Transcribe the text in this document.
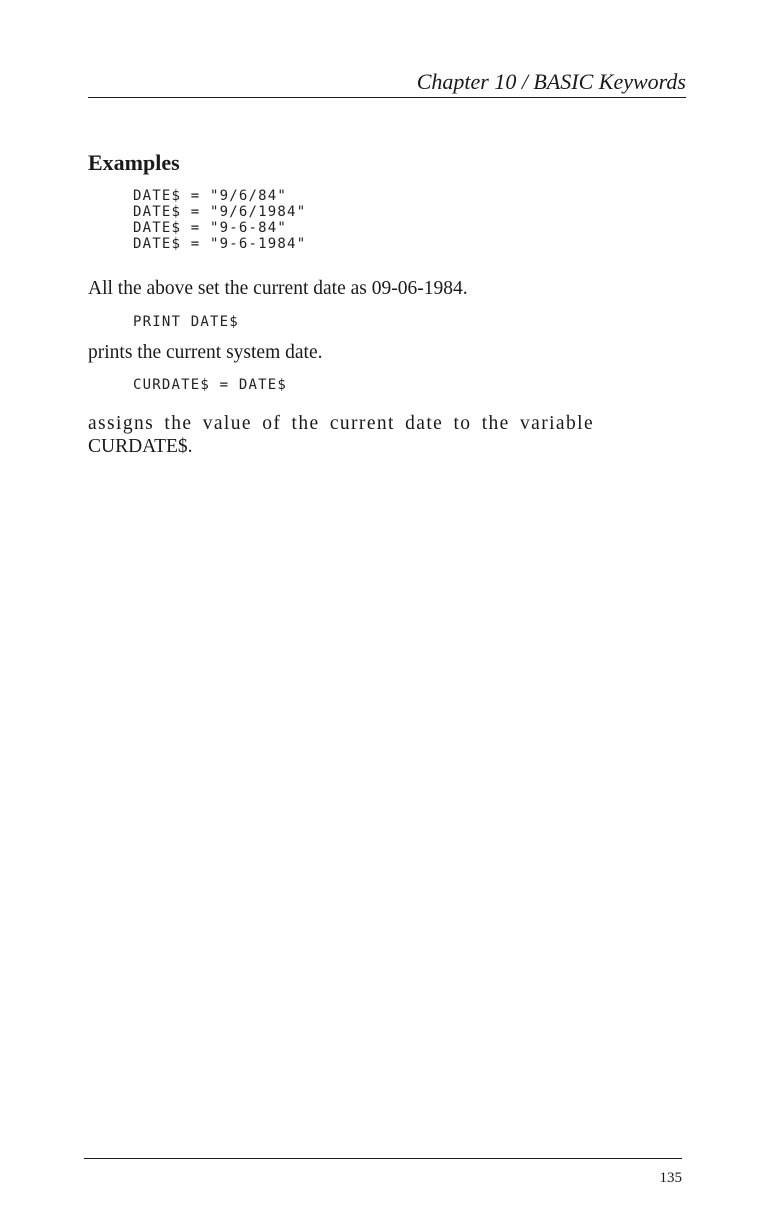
Chapter 10 / BASIC Keywords
Examples
DATE$ = "9/6/84"
DATE$ = "9/6/1984"
DATE$ = "9-6-84"
DATE$ = "9-6-1984"

All the above set the current date as 09-06-1984.

PRINT DATE$

prints the current system date.

CURDATE$ = DATE$

assigns the value of the current date to the variable
CURDATE$.

135
